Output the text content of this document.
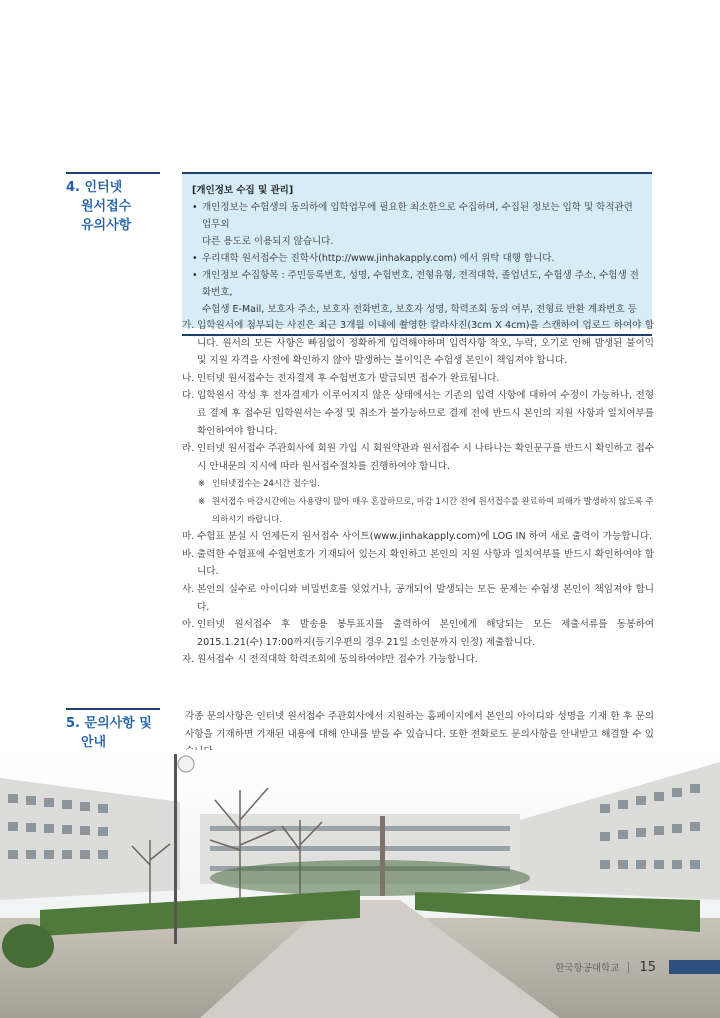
4. 인터넷
원서접수
유의사항
[개인정보 수집 및 관리]
• 개인정보는 수험생의 동의하에 입학업무에 필요한 최소한으로 수집하며, 수집된 정보는 입학 및 학적관련 업무외
다른 용도로 이용되지 않습니다.
• 우리대학 원서접수는 진학사(http://www.jinhakapply.com) 에서 위탁 대행 합니다.
• 개인정보 수집항목 : 주민등록번호, 성명, 수험번호, 전형유형, 전적대학, 졸업년도, 수험생 주소, 수험생 전화번호,
수험생 E-Mail, 보호자 주소, 보호자 전화번호, 보호자 성명, 학력조회 동의 여부, 전형료 반환 계좌번호 등
가. 입학원서에 첨부되는 사진은 최근 3개월 이내에 촬영한 칼라사진(3cm X 4cm)을 스캔하여 업로드 하여야 합니다. 원서의 모든 사항은 빠짐없이 정확하게 입력해야하며 입력사항 착오, 누락, 오기로 인해 발생된 불이익 및 지원 자격을 사전에 확인하지 않아 발생하는 불이익은 수험생 본인이 책임져야 합니다.
나. 인터넷 원서접수는 전자결제 후 수험번호가 발급되면 접수가 완료됩니다.
다. 입학원서 작성 후 전자결제가 이루어지지 않은 상태에서는 기존의 입력 사항에 대하여 수정이 가능하나, 전형료 결제 후 접수된 입학원서는 수정 및 취소가 불가능하므로 결제 전에 반드시 본인의 지원 사항과 일치여부를 확인하여야 합니다.
라. 인터넷 원서접수 주관회사에 회원 가입 시 회원약관과 원서접수 시 나타나는 확인문구를 반드시 확인하고 접수 시 안내문의 지시에 따라 원서접수절차를 진행하여야 합니다.
※ 인터넷접수는 24시간 접수임.
※ 원서접수 마감시간에는 사용량이 많아 매우 혼잡하므로, 마감 1시간 전에 원서접수를 완료하여 피해가 발생하지 않도록 주의하시기 바랍니다.
마. 수험표 분실 시 언제든지 원서접수 사이트(www.jinhakapply.com)에 LOG IN 하여 새로 출력이 가능합니다.
바. 출력한 수험표에 수험번호가 기재되어 있는지 확인하고 본인의 지원 사항과 일치여부를 반드시 확인하여야 합니다.
사. 본인의 실수로 아이디와 비밀번호를 잊었거나, 공개되어 발생되는 모든 문제는 수험생 본인이 책임져야 합니다.
아. 인터넷 원서접수 후 발송용 봉투표지를 출력하여 본인에게 해당되는 모든 제출서류를 동봉하여 2015.1.21(수) 17:00까지(등기우편의 경우 21일 소인분까지 인정) 제출합니다.
자. 원서접수 시 전적대학 학력조회에 동의하여야만 접수가 가능합니다.
5. 문의사항 및
안내
각종 문의사항은 인터넷 원서접수 주관회사에서 지원하는 홈페이지에서 본인의 아이디와 성명을 기재 한 후 문의사항을 기재하면 기재된 내용에 대해 안내를 받을 수 있습니다. 또한 전화로도 문의사항을 안내받고 해결할 수 있
한국항공대학교 15
